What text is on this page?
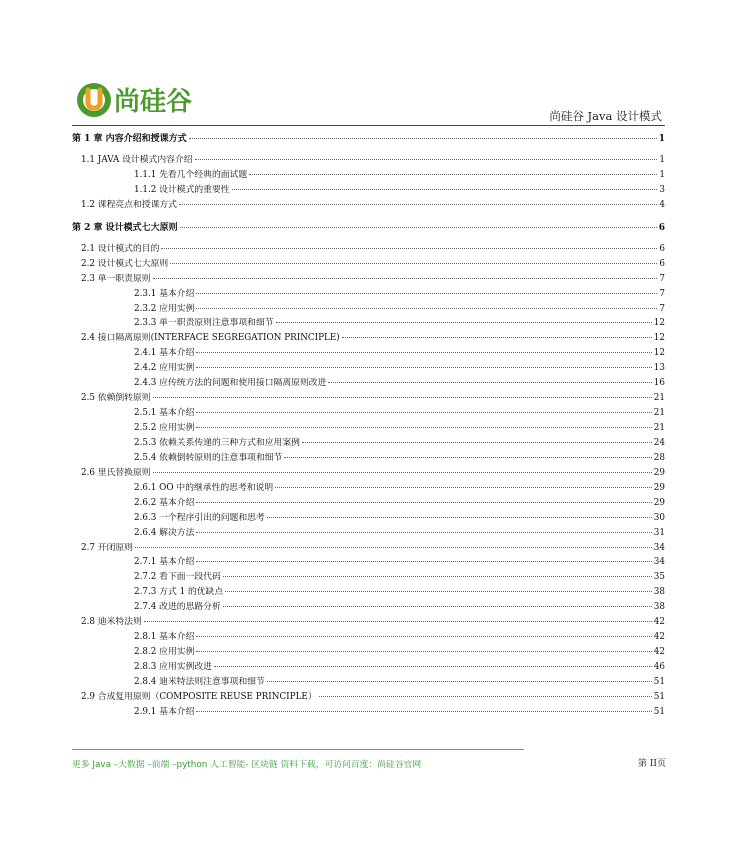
尚硅谷	尚硅谷 Java 设计模式
第 1 章 内容介绍和授课方式	1
1.1 JAVA 设计模式内容介绍	1
1.1.1 先看几个经典的面试题	1
1.1.2 设计模式的重要性	3
1.2 课程亮点和授课方式	4
第 2 章 设计模式七大原则	6
2.1 设计模式的目的	6
2.2 设计模式七大原则	6
2.3 单一职责原则	7
2.3.1 基本介绍	7
2.3.2 应用实例	7
2.3.3 单一职责原则注意事项和细节	12
2.4 接口隔离原则(INTERFACE SEGREGATION PRINCIPLE)	12
2.4.1 基本介绍	12
2.4.2 应用实例	13
2.4.3 应传统方法的问题和使用接口隔离原则改进	16
2.5 依赖倒转原则	21
2.5.1 基本介绍	21
2.5.2 应用实例	21
2.5.3 依赖关系传递的三种方式和应用案例	24
2.5.4 依赖倒转原则的注意事项和细节	28
2.6 里氏替换原则	29
2.6.1 OO 中的继承性的思考和说明	29
2.6.2 基本介绍	29
2.6.3 一个程序引出的问题和思考	30
2.6.4 解决方法	31
2.7 开闭原则	34
2.7.1 基本介绍	34
2.7.2 看下面一段代码	35
2.7.3 方式 1 的优缺点	38
2.7.4 改进的思路分析	38
2.8 迪米特法则	42
2.8.1 基本介绍	42
2.8.2 应用实例	42
2.8.3 应用实例改进	46
2.8.4 迪米特法则注意事项和细节	51
2.9 合成复用原则（COMPOSITE REUSE PRINCIPLE）	51
2.9.1 基本介绍	51
更多 Java –大数据 –前端 –python 人工智能- 区块链 资料下载，可访问百度：尚硅谷官网	第 II页
